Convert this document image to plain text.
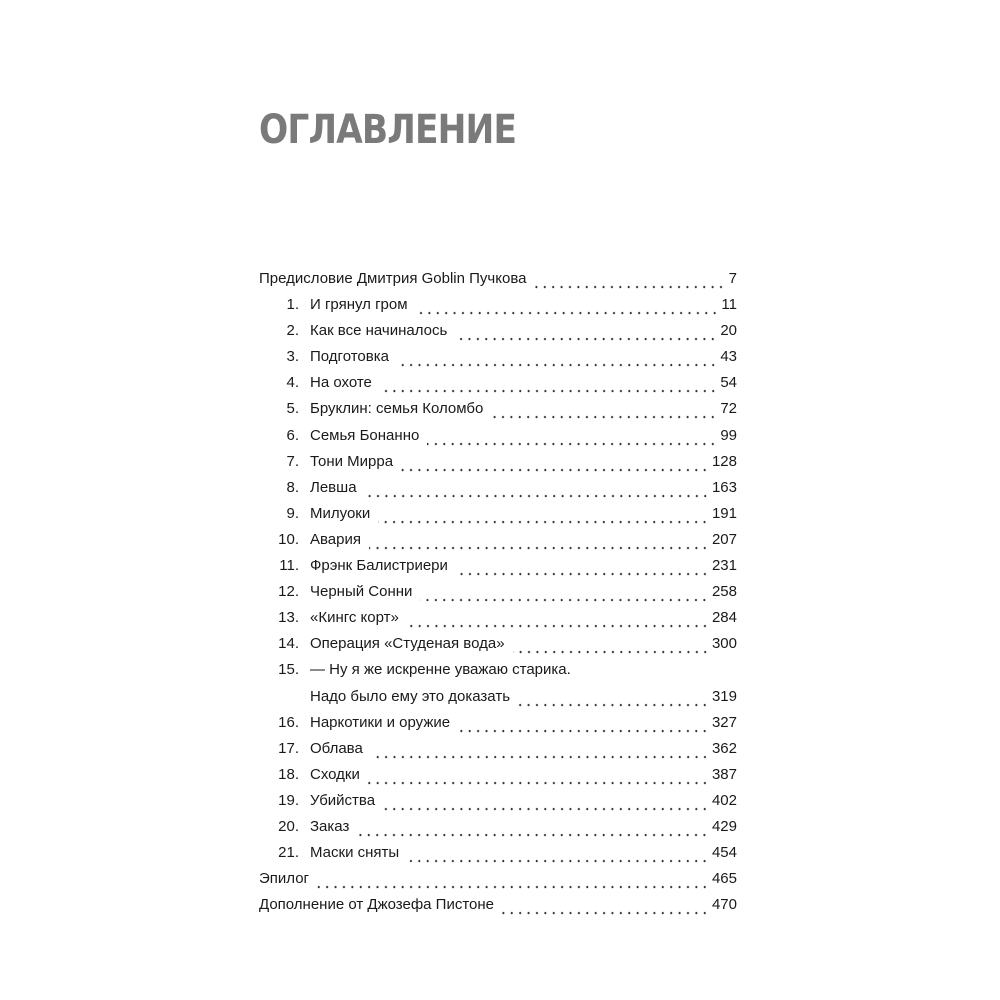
ОГЛАВЛЕНИЕ
Предисловие Дмитрия Goblin Пучкова	7
1. И грянул гром	11
2. Как все начиналось	20
3. Подготовка	43
4. На охоте	54
5. Бруклин: семья Коломбо	72
6. Семья Бонанно	99
7. Тони Мирра	128
8. Левша	163
9. Милуоки	191
10. Авария	207
11. Фрэнк Балистриери	231
12. Черный Сонни	258
13. «Кингс корт»	284
14. Операция «Студеная вода»	300
15. — Ну я же искренне уважаю старика.
Надо было ему это доказать	319
16. Наркотики и оружие	327
17. Облава	362
18. Сходки	387
19. Убийства	402
20. Заказ	429
21. Маски сняты	454
Эпилог	465
Дополнение от Джозефа Пистоне	470
